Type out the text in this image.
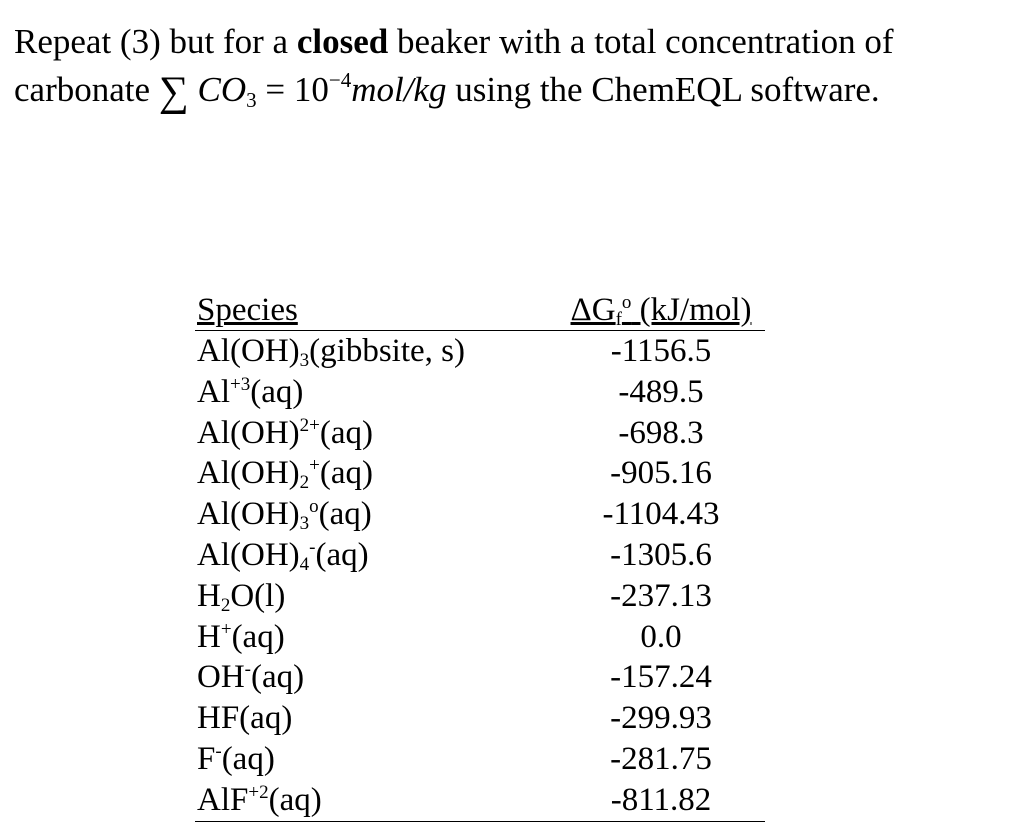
Repeat (3) but for a closed beaker with a total concentration of carbonate ∑ $CO_3 = 10^{-4}mol/kg$ using the ChemEQL software.
Species	ΔGf$^o$ (kJ/mol)
Al(OH)3(gibbsite, s)	-1156.5
$Al^{+3}(aq)$	-489.5
Al(OH)$^{2+}$(aq)	-698.3
Al(OH)2+(aq)	-905.16
Al(OH)3$^o$(aq)	-1104.43
Al(OH)4-(aq)	-1305.6
H2O(l)	-237.13
H+(aq)	0.0
OH-(aq)	-157.24
HF(aq)	-299.93
F-(aq)	-281.75
AlF$^{+2}$(aq)	-811.82
